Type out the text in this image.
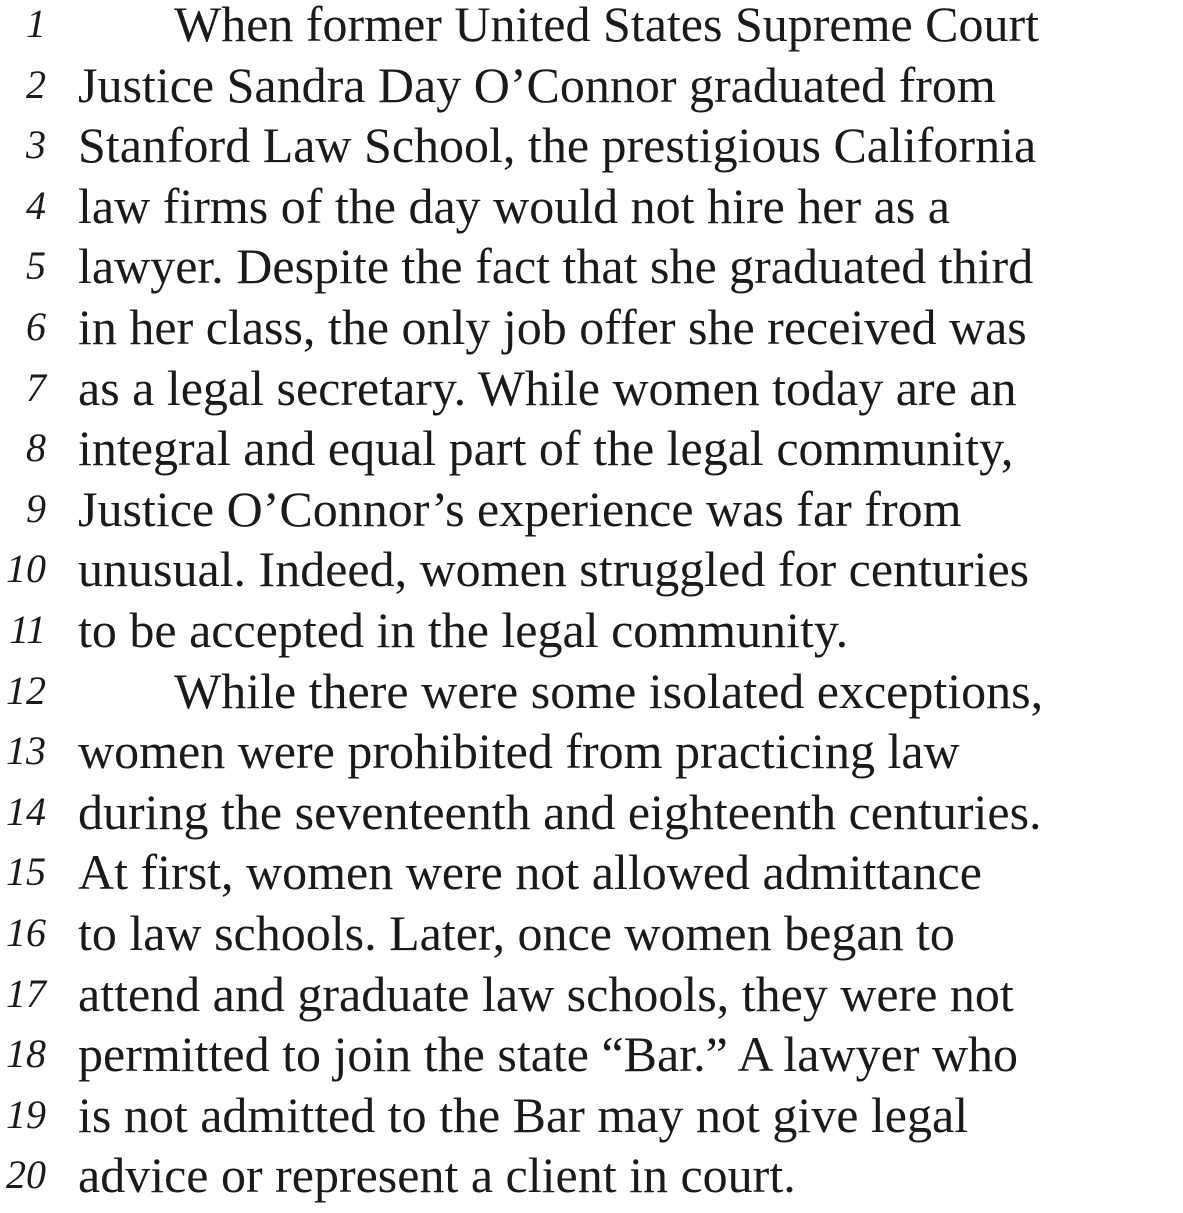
1	When former United States Supreme Court
2 Justice Sandra Day O’Connor graduated from
3 Stanford Law School, the prestigious California
4 law firms of the day would not hire her as a
5 lawyer. Despite the fact that she graduated third
6 in her class, the only job offer she received was
7 as a legal secretary. While women today are an
8 integral and equal part of the legal community,
9 Justice O’Connor’s experience was far from
10 unusual. Indeed, women struggled for centuries
11 to be accepted in the legal community.
12	While there were some isolated exceptions,
13 women were prohibited from practicing law
14 during the seventeenth and eighteenth centuries.
15 At first, women were not allowed admittance
16 to law schools. Later, once women began to
17 attend and graduate law schools, they were not
18 permitted to join the state “Bar.” A lawyer who
19 is not admitted to the Bar may not give legal
20 advice or represent a client in court.
